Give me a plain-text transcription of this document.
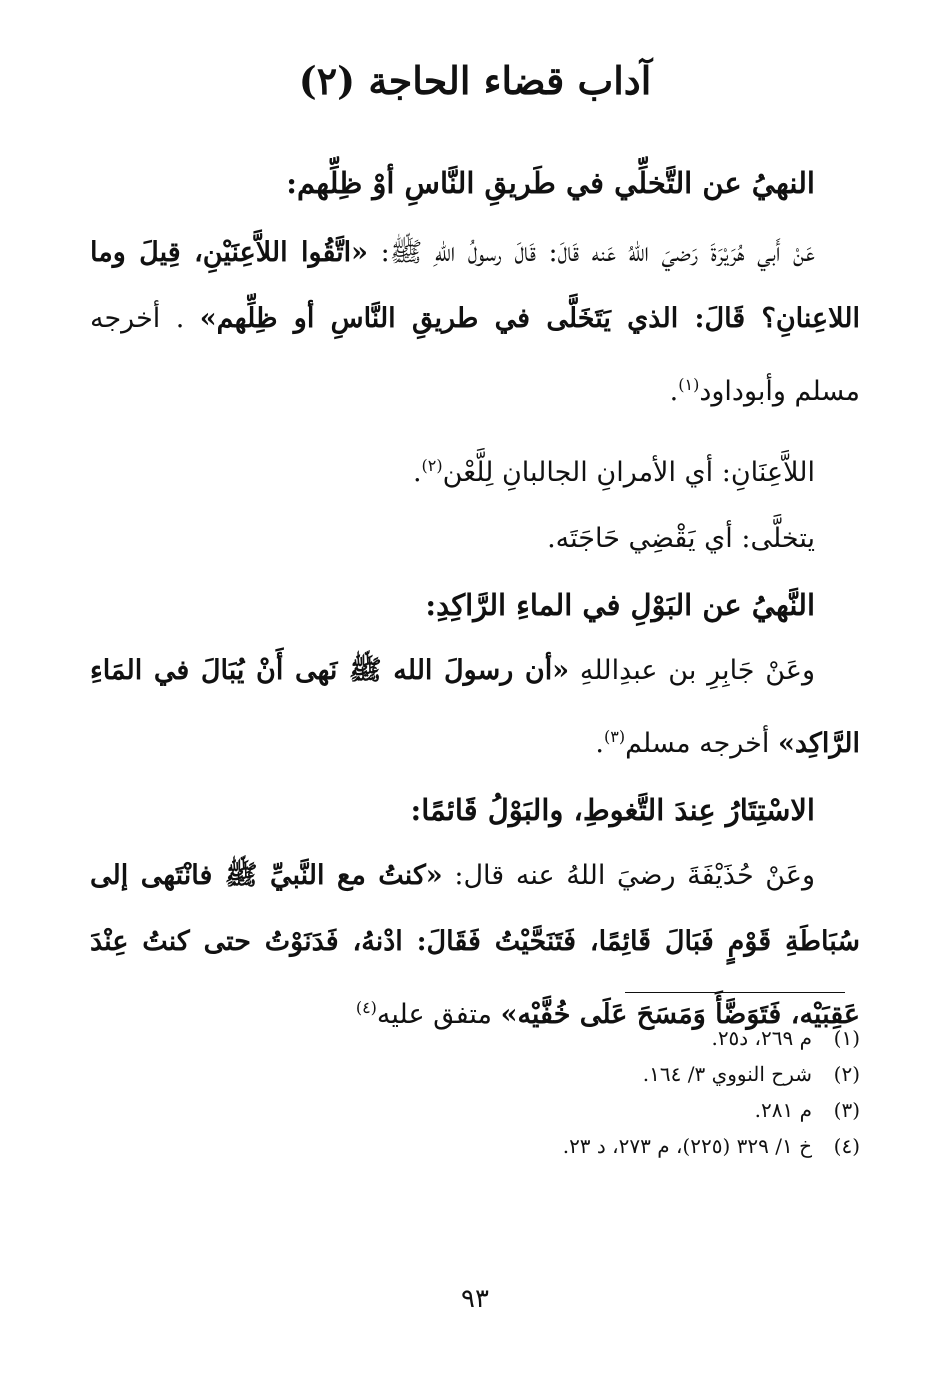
آداب قضاء الحاجة (٢)

النهيُ عن التَّخلِّي في طَريقِ النَّاسِ أوْ ظِلِّهم:

عَنْ أَبي هُرَيْرَةَ رَضيَ اللهُ عَنه قَالَ: قَالَ رسولُ اللهِ ﷺ: «اتَّقُوا اللاَّعِنَيْنِ، قِيلَ وما اللاعِنانِ؟ قَالَ: الذي يَتَخَلَّى في طريقِ النَّاسِ أو ظِلِّهم» . أخرجه مسلم وأبوداود$^{(١)}$.

اللاَّعِنَانِ: أي الأمرانِ الجالبانِ لِلَّعْن$^{(٢)}$.

يتخلَّى: أي يَقْضِي حَاجَتَه.

النَّهيُ عن البَوْلِ في الماءِ الرَّاكِدِ:

وعَنْ جَابِرِ بن عبدِاللهِ «أن رسولَ الله ﷺ نَهى أَنْ يُبَالَ في المَاءِ الرَّاكِد» أخرجه مسلم$^{(٣)}$.

الاسْتِتَارُ عِندَ التَّغوطِ، والبَوْلُ قَائمًا:

وعَنْ حُذَيْفَةَ رضيَ اللهُ عنه قال: «كنتُ مع النَّبيِّ ﷺ فانْتَهى إلى سُبَاطَةِ قَوْمٍ فَبَالَ قَائِمًا، فَتَنَحَّيْتُ فَقَالَ: ادْنهُ، فَدَنَوْتُ حتى كنتُ عِنْدَ عَقِبَيْه، فَتَوَضَّأَ وَمَسَحَ عَلَى خُفَّيْه» متفق عليه$^{(٤)}$

(١)م ٢٦٩، د٢٥.

(٢)شرح النووي ٣/ ١٦٤.

(٣)م ٢٨١.

(٤)خ ١/ ٣٢٩ (٢٢٥)، م ٢٧٣، د ٢٣.

٩٣
